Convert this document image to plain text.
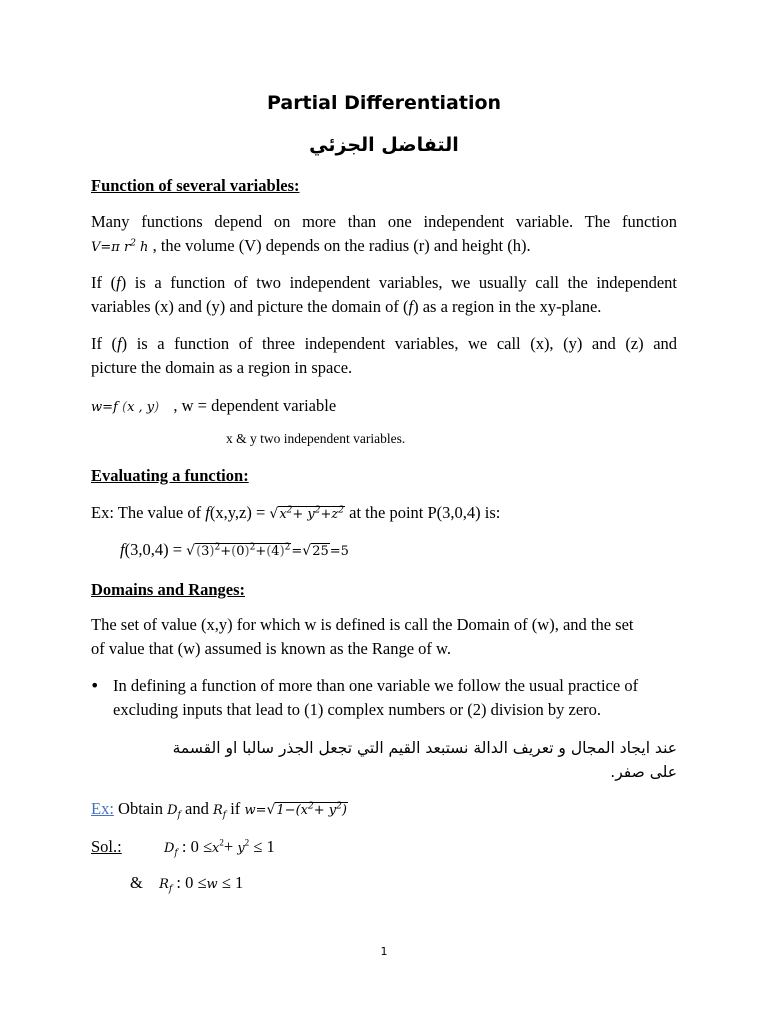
Partial Differentiation
التفاضل الجزئي
Function of several variables:
Many functions depend on more than one independent variable. The function
V=π $r^2$ h , the volume (V) depends on the radius (r) and height (h).
If (f) is a function of two independent variables, we usually call the independent
variables (x) and (y) and picture the domain of (f) as a region in the xy-plane.
If (f) is a function of three independent variables, we call (x), (y) and (z) and
picture the domain as a region in space.
w=f (x , y) , w = dependent variable
x & y two independent variables.
Evaluating a function:
Ex: The value of $f(x,y,z) = √x^2+ y^2+z^2$ at the point P(3,0,4) is:
$f(3,0,4) = √(3)^2+(0)^2+(4)^2=√25=5$
Domains and Ranges:
The set of value (x,y) for which w is defined is call the Domain of (w), and the set
of value that (w) assumed is known as the Range of w.
• In defining a function of more than one variable we follow the usual practice of
excluding inputs that lead to (1) complex numbers or (2) division by zero.
عند ايجاد المجال و تعريف الدالة نستبعد القيم التي تجعل الجذر سالبا او القسمة
على صفر.
Ex: Obtain $D_f$ and $R_f$ if $w=√1-(x^2+ y^2)$
Sol.:	$D_f$ : $0 \le x^2+ y^2 \le 1$
& $R_f$ : 0 ≤w ≤ 1
1
